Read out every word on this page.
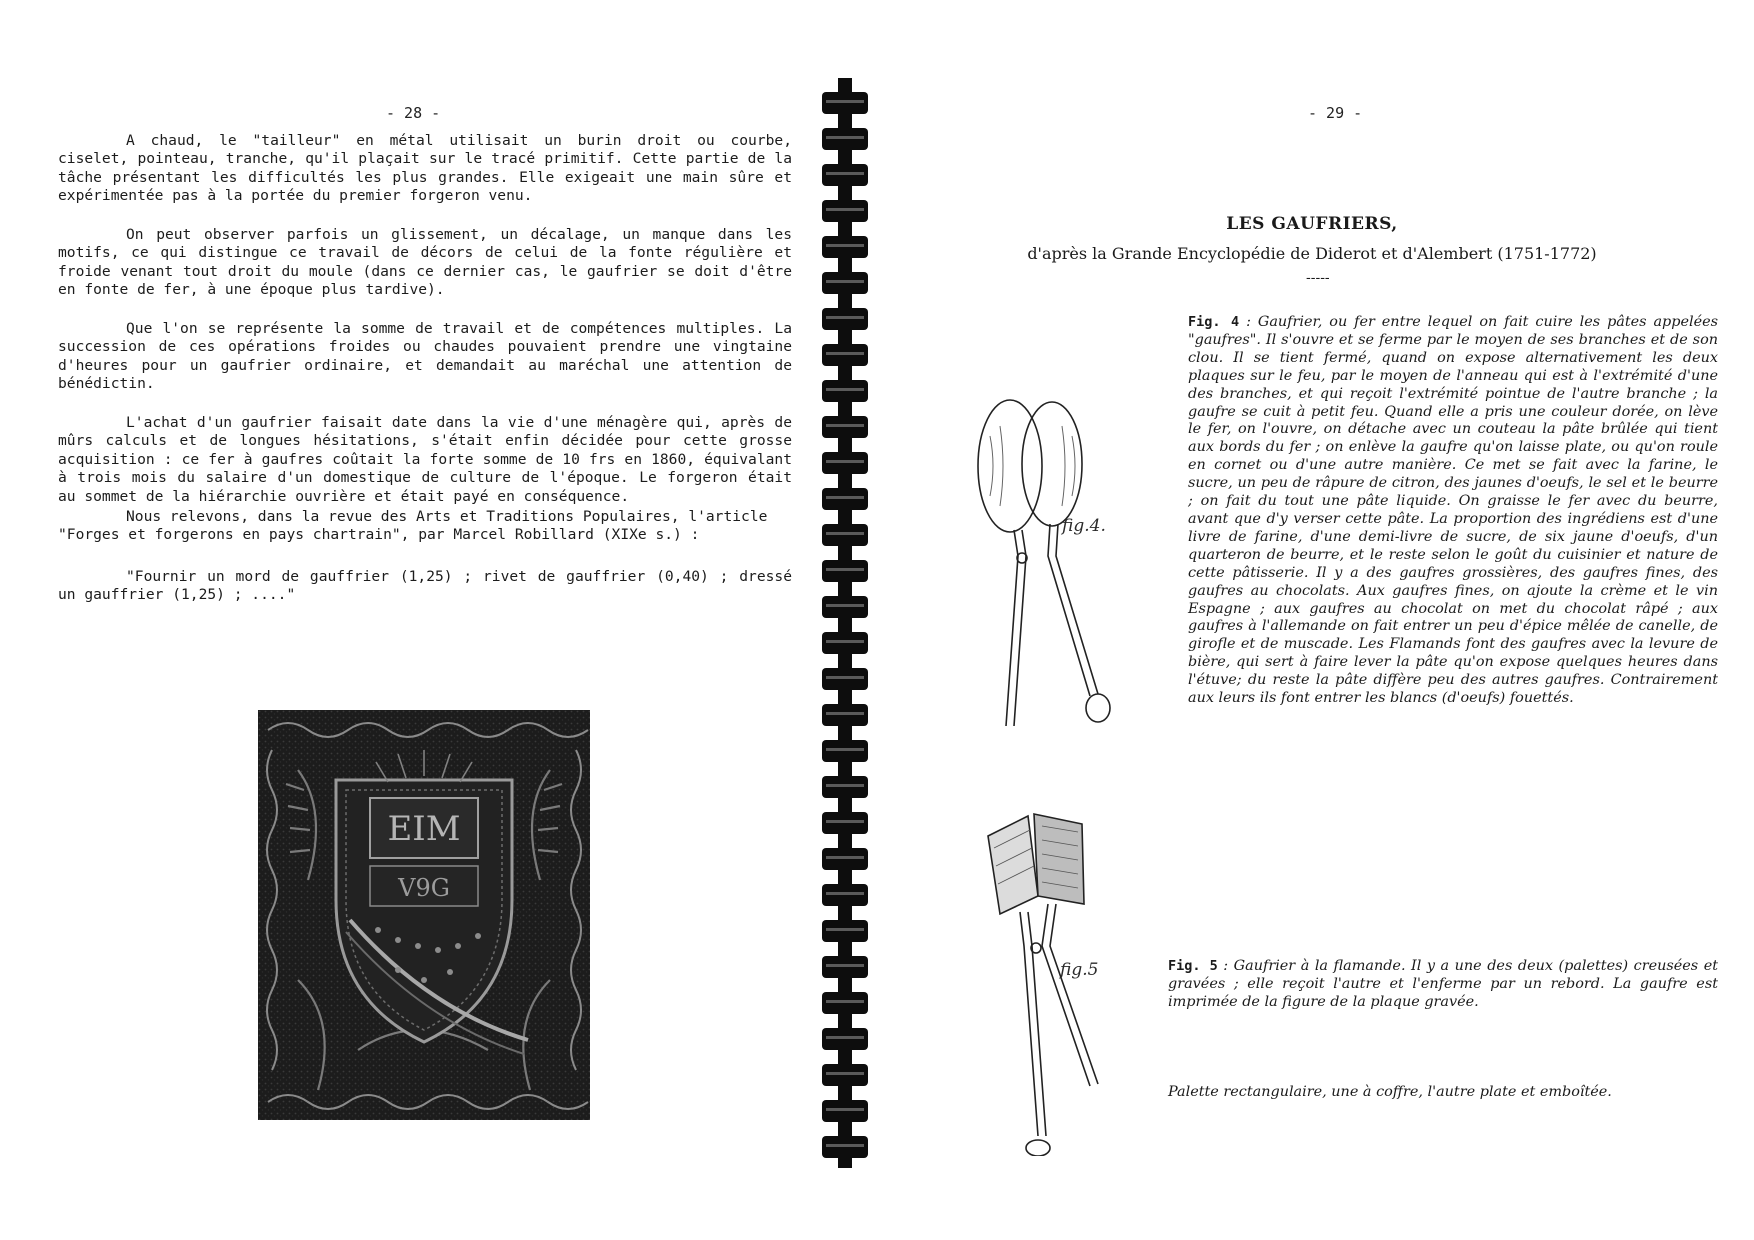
- 28 -

A chaud, le "tailleur" en métal utilisait un burin droit ou courbe, ciselet, pointeau, tranche, qu'il plaçait sur le tracé primitif. Cette partie de la tâche présentant les difficultés les plus grandes. Elle exigeait une main sûre et expérimentée pas à la portée du premier forgeron venu.

On peut observer parfois un glissement, un décalage, un manque dans les motifs, ce qui distingue ce travail de décors de celui de la fonte régulière et froide venant tout droit du moule (dans ce dernier cas, le gaufrier se doit d'être en fonte de fer, à une époque plus tardive).

Que l'on se représente la somme de travail et de compétences multiples. La succession de ces opérations froides ou chaudes pouvaient prendre une vingtaine d'heures pour un gaufrier ordinaire, et demandait au maréchal une attention de bénédictin.

L'achat d'un gaufrier faisait date dans la vie d'une ménagère qui, après de mûrs calculs et de longues hésitations, s'était enfin décidée pour cette grosse acquisition : ce fer à gaufres coûtait la forte somme de 10 frs en 1860, équivalant à trois mois du salaire d'un domestique de culture de l'époque. Le forgeron était au sommet de la hiérarchie ouvrière et était payé en conséquence.

Nous relevons, dans la revue des Arts et Traditions Populaires, l'article "Forges et forgerons en pays chartrain", par Marcel Robillard (XIXe s.) :

"Fournir un mord de gauffrier (1,25) ; rivet de gauffrier (0,40) ; dressé un gauffrier (1,25) ; ...."

EIM
V9G
- 29 -
LES GAUFRIERS,
d'après la Grande Encyclopédie de Diderot et d'Alembert (1751-1772)
-----
Fig. 4 : Gaufrier, ou fer entre lequel on fait cuire les pâtes appelées "gaufres". Il s'ouvre et se ferme par le moyen de ses branches et de son clou. Il se tient fermé, quand on expose alternativement les deux plaques sur le feu, par le moyen de l'anneau qui est à l'extrémité d'une des branches, et qui reçoit l'extrémité pointue de l'autre branche ; la gaufre se cuit à petit feu. Quand elle a pris une couleur dorée, on lève le fer, on l'ouvre, on détache avec un couteau la pâte brûlée qui tient aux bords du fer ; on enlève la gaufre qu'on laisse plate, ou qu'on roule en cornet ou d'une autre manière. Ce met se fait avec la farine, le sucre, un peu de râpure de citron, des jaunes d'oeufs, le sel et le beurre ; on fait du tout une pâte liquide. On graisse le fer avec du beurre, avant que d'y verser cette pâte. La proportion des ingrédiens est d'une livre de farine, d'une demi-livre de sucre, de six jaune d'oeufs, d'un quarteron de beurre, et le reste selon le goût du cuisinier et nature de cette pâtisserie. Il y a des gaufres grossières, des gaufres fines, des gaufres au chocolats. Aux gaufres fines, on ajoute la crème et le vin Espagne ; aux gaufres au chocolat on met du chocolat râpé ; aux gaufres à l'allemande on fait entrer un peu d'épice mêlée de canelle, de girofle et de muscade. Les Flamands font des gaufres avec la levure de bière, qui sert à faire lever la pâte qu'on expose quelques heures dans l'étuve; du reste la pâte diffère peu des autres gaufres. Contrairement aux leurs ils font entrer les blancs (d'oeufs) fouettés.
fig.4.
fig.5	Fig. 5 : Gaufrier à la flamande. Il y a une des deux (palettes) creusées et gravées ; elle reçoit l'autre et l'enferme par un rebord. La gaufre est imprimée de la figure de la plaque gravée.
Palette rectangulaire, une à coffre, l'autre plate et emboîtée.
